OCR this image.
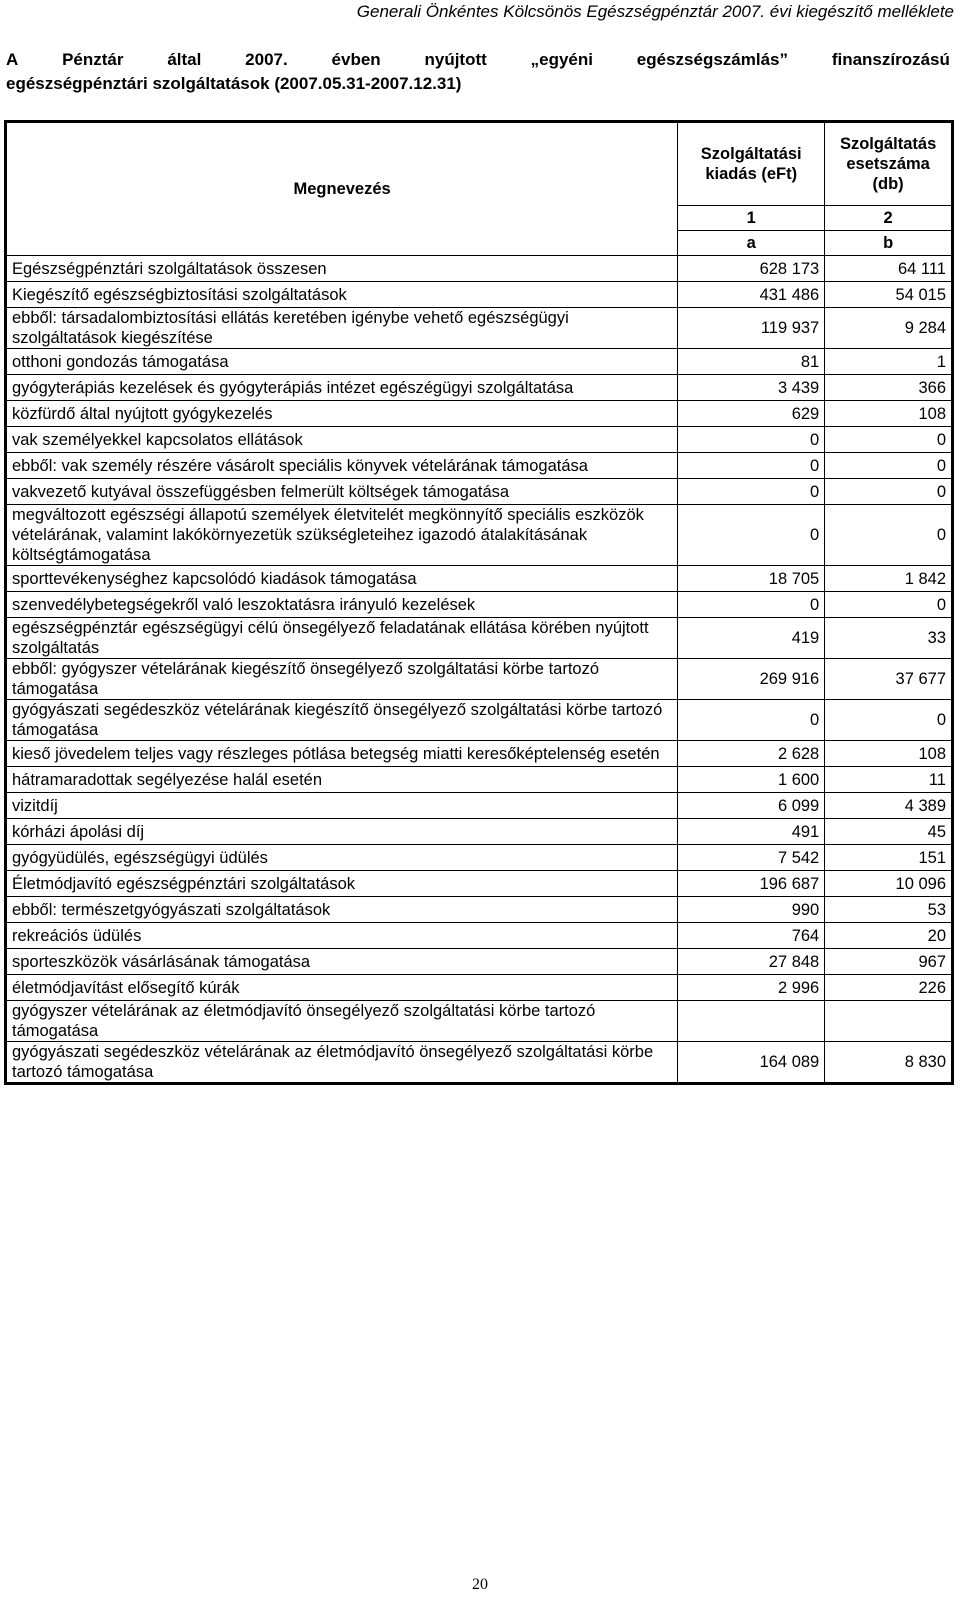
Generali Önkéntes Kölcsönös Egészségpénztár 2007. évi kiegészítő melléklete
A	Pénztár	által	2007.	évben	nyújtott	„egyéni	egészségszámlás”	finanszírozású
egészségpénztári szolgáltatások (2007.05.31-2007.12.31)
Megnevezés	Szolgáltatási kiadás (eFt)	Szolgáltatás esetszáma (db)
	1	2
	a	b
Egészségpénztári szolgáltatások összesen	628 173	64 111
Kiegészítő egészségbiztosítási szolgáltatások	431 486	54 015
ebből: társadalombiztosítási ellátás keretében igénybe vehető egészségügyi szolgáltatások kiegészítése	119 937	9 284
otthoni gondozás támogatása	81	1
gyógyterápiás kezelések és gyógyterápiás intézet egészégügyi szolgáltatása	3 439	366
közfürdő által nyújtott gyógykezelés	629	108
vak személyekkel kapcsolatos ellátások	0	0
ebből: vak személy részére vásárolt speciális könyvek vételárának támogatása	0	0
vakvezető kutyával összefüggésben felmerült költségek támogatása	0	0
megváltozott egészségi állapotú személyek életvitelét megkönnyítő speciális eszközök vételárának, valamint lakókörnyezetük szükségleteihez igazodó átalakításának költségtámogatása	0	0
sporttevékenységhez kapcsolódó kiadások támogatása	18 705	1 842
szenvedélybetegségekről való leszoktatásra irányuló kezelések	0	0
egészségpénztár egészségügyi célú önsegélyező feladatának ellátása körében nyújtott szolgáltatás	419	33
ebből: gyógyszer vételárának kiegészítő önsegélyező szolgáltatási körbe tartozó támogatása	269 916	37 677
gyógyászati segédeszköz vételárának kiegészítő önsegélyező szolgáltatási körbe tartozó támogatása	0	0
kieső jövedelem teljes vagy részleges pótlása betegség miatti keresőképtelenség esetén	2 628	108
hátramaradottak segélyezése halál esetén	1 600	11
vizitdíj	6 099	4 389
kórházi ápolási díj	491	45
gyógyüdülés, egészségügyi üdülés	7 542	151
Életmódjavító egészségpénztári szolgáltatások	196 687	10 096
ebből: természetgyógyászati szolgáltatások	990	53
rekreációs üdülés	764	20
sporteszközök vásárlásának támogatása	27 848	967
életmódjavítást elősegítő kúrák	2 996	226
gyógyszer vételárának az életmódjavító önsegélyező szolgáltatási körbe tartozó támogatása		
gyógyászati segédeszköz vételárának az életmódjavító önsegélyező szolgáltatási körbe tartozó támogatása	164 089	8 830
20
